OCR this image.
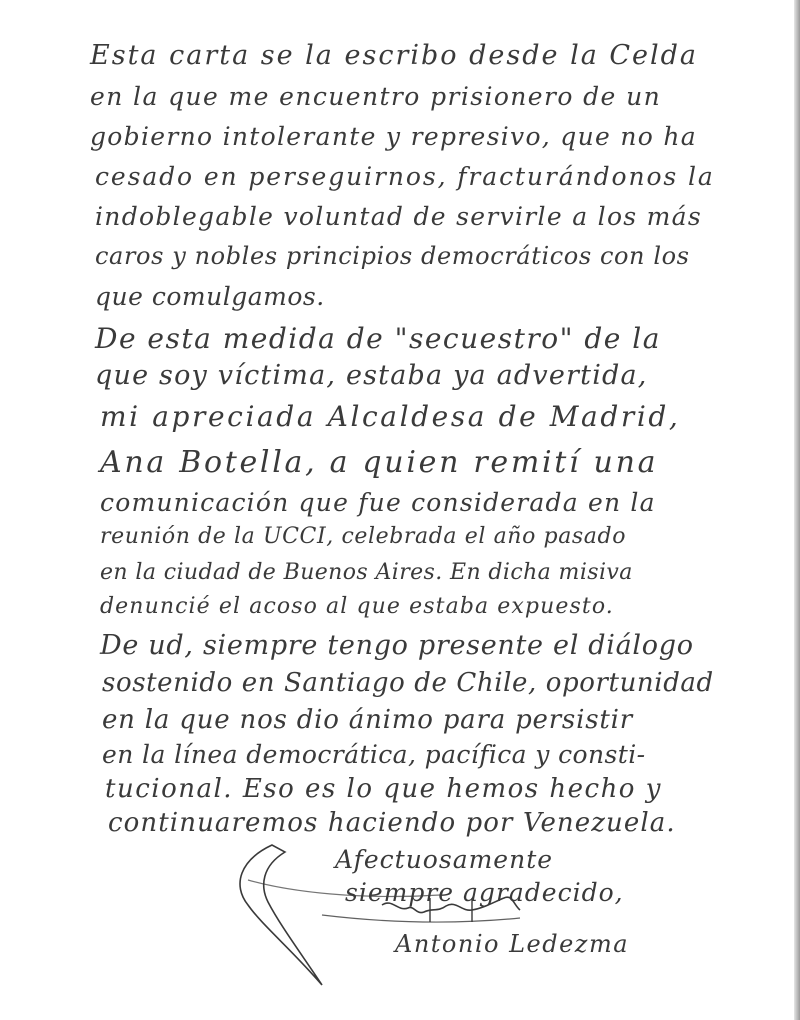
Esta carta se la escribo desde la Celda
en la que me encuentro prisionero de un
gobierno intolerante y represivo, que no ha
cesado en perseguirnos, fracturándonos la
indoblegable voluntad de servirle a los más
caros y nobles principios democráticos con los
que comulgamos.
De esta medida de "secuestro" de la
que soy víctima, estaba ya advertida,
mi apreciada Alcaldesa de Madrid,
Ana Botella, a quien remití una
comunicación que fue considerada en la
reunión de la UCCI, celebrada el año pasado
en la ciudad de Buenos Aires. En dicha misiva
denuncié el acoso al que estaba expuesto.
De ud, siempre tengo presente el diálogo
sostenido en Santiago de Chile, oportunidad
en la que nos dio ánimo para persistir
en la línea democrática, pacífica y consti-
tucional. Eso es lo que hemos hecho y
continuaremos haciendo por Venezuela.
Afectuosamente
siempre agradecido,
Antonio Ledezma
